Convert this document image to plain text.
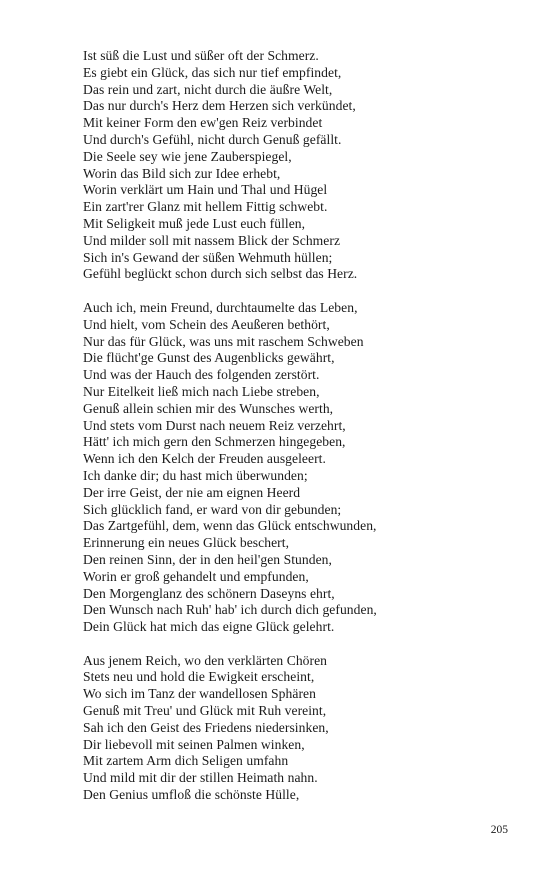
Ist süß die Lust und süßer oft der Schmerz.
Es giebt ein Glück, das sich nur tief empfindet,
Das rein und zart, nicht durch die äußre Welt,
Das nur durch's Herz dem Herzen sich verkündet,
Mit keiner Form den ew'gen Reiz verbindet
Und durch's Gefühl, nicht durch Genuß gefällt.
Die Seele sey wie jene Zauberspiegel,
Worin das Bild sich zur Idee erhebt,
Worin verklärt um Hain und Thal und Hügel
Ein zart'rer Glanz mit hellem Fittig schwebt.
Mit Seligkeit muß jede Lust euch füllen,
Und milder soll mit nassem Blick der Schmerz
Sich in's Gewand der süßen Wehmuth hüllen;
Gefühl beglückt schon durch sich selbst das Herz.
Auch ich, mein Freund, durchtaumelte das Leben,
Und hielt, vom Schein des Aeußeren bethört,
Nur das für Glück, was uns mit raschem Schweben
Die flücht'ge Gunst des Augenblicks gewährt,
Und was der Hauch des folgenden zerstört.
Nur Eitelkeit ließ mich nach Liebe streben,
Genuß allein schien mir des Wunsches werth,
Und stets vom Durst nach neuem Reiz verzehrt,
Hätt' ich mich gern den Schmerzen hingegeben,
Wenn ich den Kelch der Freuden ausgeleert.
Ich danke dir; du hast mich überwunden;
Der irre Geist, der nie am eignen Heerd
Sich glücklich fand, er ward von dir gebunden;
Das Zartgefühl, dem, wenn das Glück entschwunden,
Erinnerung ein neues Glück beschert,
Den reinen Sinn, der in den heil'gen Stunden,
Worin er groß gehandelt und empfunden,
Den Morgenglanz des schönern Daseyns ehrt,
Den Wunsch nach Ruh' hab' ich durch dich gefunden,
Dein Glück hat mich das eigne Glück gelehrt.
Aus jenem Reich, wo den verklärten Chören
Stets neu und hold die Ewigkeit erscheint,
Wo sich im Tanz der wandellosen Sphären
Genuß mit Treu' und Glück mit Ruh vereint,
Sah ich den Geist des Friedens niedersinken,
Dir liebevoll mit seinen Palmen winken,
Mit zartem Arm dich Seligen umfahn
Und mild mit dir der stillen Heimath nahn.
Den Genius umfloß die schönste Hülle,
205
